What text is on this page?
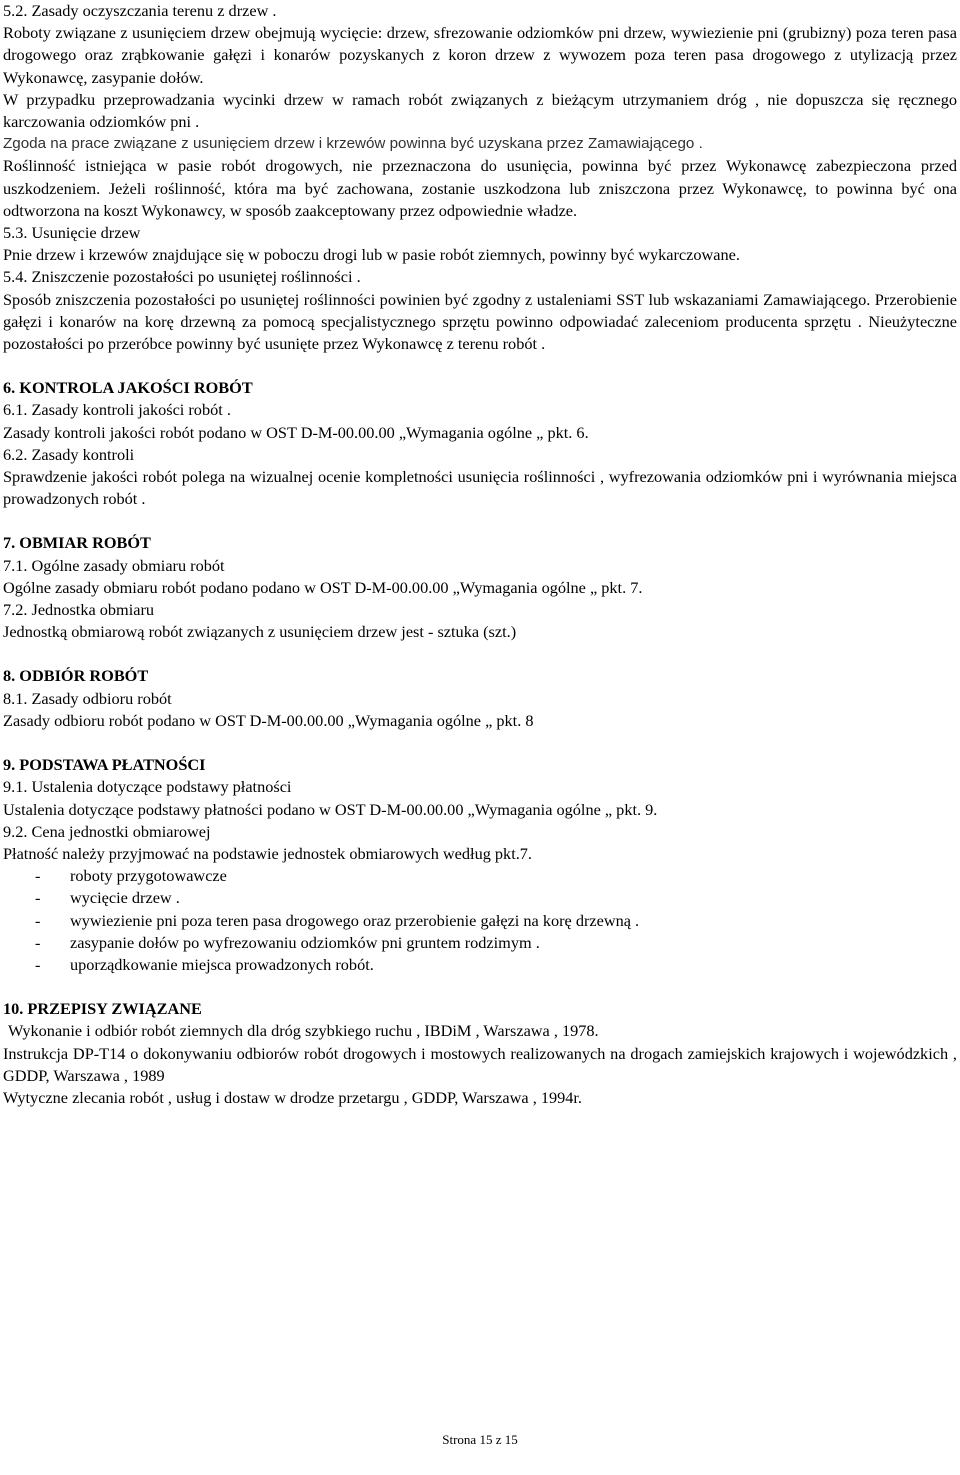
5.2. Zasady oczyszczania terenu z drzew .

Roboty związane z usunięciem drzew obejmują wycięcie: drzew, sfrezowanie odziomków pni drzew, wywiezienie pni (grubizny) poza teren pasa drogowego oraz zrąbkowanie gałęzi i konarów pozyskanych z koron drzew z wywozem poza teren pasa drogowego z utylizacją przez Wykonawcę, zasypanie dołów.

W przypadku przeprowadzania wycinki drzew w ramach robót związanych z bieżącym utrzymaniem dróg , nie dopuszcza się ręcznego karczowania odziomków pni .

Zgoda na prace związane z usunięciem drzew i krzewów powinna być uzyskana przez Zamawiającego .

Roślinność istniejąca w pasie robót drogowych, nie przeznaczona do usunięcia, powinna być przez Wykonawcę zabezpieczona przed uszkodzeniem. Jeżeli roślinność, która ma być zachowana, zostanie uszkodzona lub zniszczona przez Wykonawcę, to powinna być ona odtworzona na koszt Wykonawcy, w sposób zaakceptowany przez odpowiednie władze.

5.3. Usunięcie drzew

Pnie drzew i krzewów znajdujące się w poboczu drogi lub w pasie robót ziemnych, powinny być wykarczowane.

5.4. Zniszczenie pozostałości po usuniętej roślinności .

Sposób zniszczenia pozostałości po usuniętej roślinności powinien być zgodny z ustaleniami SST lub wskazaniami Zamawiającego. Przerobienie gałęzi i konarów na korę drzewną za pomocą specjalistycznego sprzętu powinno odpowiadać zaleceniom producenta sprzętu . Nieużyteczne pozostałości po przeróbce powinny być usunięte przez Wykonawcę z terenu robót .

6. KONTROLA JAKOŚCI ROBÓT

6.1. Zasady kontroli jakości robót .

Zasady kontroli jakości robót podano w OST D-M-00.00.00 „Wymagania ogólne „ pkt. 6.

6.2. Zasady kontroli

Sprawdzenie jakości robót polega na wizualnej ocenie kompletności usunięcia roślinności , wyfrezowania odziomków pni i wyrównania miejsca prowadzonych robót .

7. OBMIAR ROBÓT

7.1. Ogólne zasady obmiaru robót

Ogólne zasady obmiaru robót podano podano w OST D-M-00.00.00 „Wymagania ogólne „ pkt. 7.

7.2. Jednostka obmiaru

Jednostką obmiarową robót związanych z usunięciem drzew jest - sztuka (szt.)

8. ODBIÓR ROBÓT

8.1. Zasady odbioru robót

Zasady odbioru robót podano w OST D-M-00.00.00 „Wymagania ogólne „ pkt. 8

9. PODSTAWA PŁATNOŚCI

9.1. Ustalenia dotyczące podstawy płatności

Ustalenia dotyczące podstawy płatności podano w OST D-M-00.00.00 „Wymagania ogólne „ pkt. 9.

9.2. Cena jednostki obmiarowej

Płatność należy przyjmować na podstawie jednostek obmiarowych według pkt.7.

-	roboty przygotowawcze
-	wycięcie drzew .
-	wywiezienie pni poza teren pasa drogowego oraz przerobienie gałęzi na korę drzewną .
-	zasypanie dołów po wyfrezowaniu odziomków pni gruntem rodzimym .
-	uporządkowanie miejsca prowadzonych robót.

10. PRZEPISY ZWIĄZANE

Wykonanie i odbiór robót ziemnych dla dróg szybkiego ruchu , IBDiM , Warszawa , 1978.

Instrukcja DP-T14 o dokonywaniu odbiorów robót drogowych i mostowych realizowanych na drogach zamiejskich krajowych i wojewódzkich , GDDP, Warszawa , 1989

Wytyczne zlecania robót , usług i dostaw w drodze przetargu , GDDP, Warszawa , 1994r.

Strona 15 z 15
